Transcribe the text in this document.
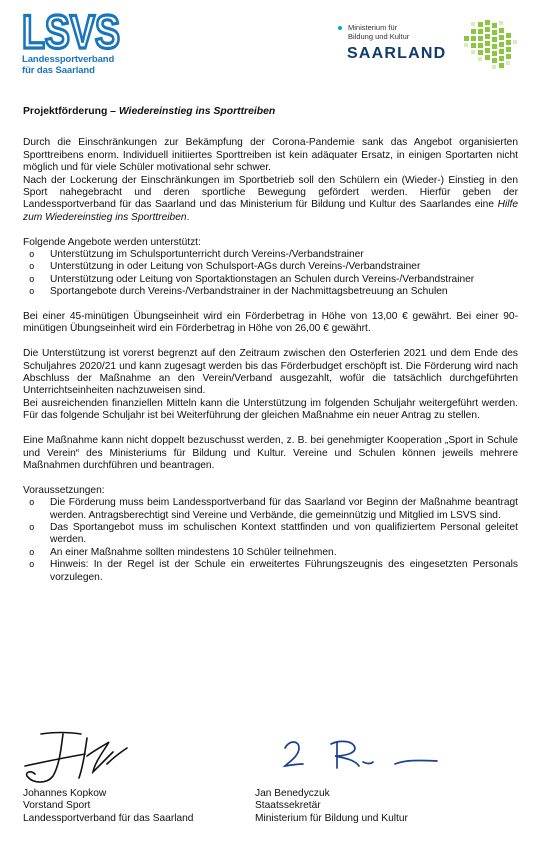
LSVS
Landessportverband
für das Saarland
Ministerium für
Bildung und Kultur
SAARLAND
Projektförderung – Wiedereinstieg ins Sporttreiben

Durch die Einschränkungen zur Bekämpfung der Corona-Pandemie sank das Angebot organisierten Sporttreibens enorm. Individuell initiiertes Sporttreiben ist kein adäquater Ersatz, in einigen Sportarten nicht möglich und für viele Schüler motivational sehr schwer.

Nach der Lockerung der Einschränkungen im Sportbetrieb soll den Schülern ein (Wieder-) Einstieg in den Sport nahegebracht und deren sportliche Bewegung gefördert werden. Hierfür geben der Landessportverband für das Saarland und das Ministerium für Bildung und Kultur des Saarlandes eine Hilfe zum Wiedereinstieg ins Sporttreiben.

Folgende Angebote werden unterstützt:

o Unterstützung im Schulsportunterricht durch Vereins-/Verbandstrainer
o Unterstützung in oder Leitung von Schulsport-AGs durch Vereins-/Verbandstrainer
o Unterstützung oder Leitung von Sportaktionstagen an Schulen durch Vereins-/Verbandstrainer
o Sportangebote durch Vereins-/Verbandstrainer in der Nachmittagsbetreuung an Schulen

Bei einer 45-minütigen Übungseinheit wird ein Förderbetrag in Höhe von 13,00 € gewährt. Bei einer 90-minütigen Übungseinheit wird ein Förderbetrag in Höhe von 26,00 € gewährt.

Die Unterstützung ist vorerst begrenzt auf den Zeitraum zwischen den Osterferien 2021 und dem Ende des Schuljahres 2020/21 und kann zugesagt werden bis das Förderbudget erschöpft ist. Die Förderung wird nach Abschluss der Maßnahme an den Verein/Verband ausgezahlt, wofür die tatsächlich durchgeführten Unterrichtseinheiten nachzuweisen sind.

Bei ausreichenden finanziellen Mitteln kann die Unterstützung im folgenden Schuljahr weitergeführt werden. Für das folgende Schuljahr ist bei Weiterführung der gleichen Maßnahme ein neuer Antrag zu stellen.

Eine Maßnahme kann nicht doppelt bezuschusst werden, z. B. bei genehmigter Kooperation „Sport in Schule und Verein“ des Ministeriums für Bildung und Kultur. Vereine und Schulen können jeweils mehrere Maßnahmen durchführen und beantragen.

Voraussetzungen:

o Die Förderung muss beim Landessportverband für das Saarland vor Beginn der Maßnahme beantragt werden. Antragsberechtigt sind Vereine und Verbände, die gemeinnützig und Mitglied im LSVS sind.
o Das Sportangebot muss im schulischen Kontext stattfinden und von qualifiziertem Personal geleitet werden.
o An einer Maßnahme sollten mindestens 10 Schüler teilnehmen.
o Hinweis: In der Regel ist der Schule ein erweitertes Führungszeugnis des eingesetzten Personals vorzulegen.
Johannes Kopkow
Vorstand Sport
Landessportverband für das Saarland
Jan Benedyczuk
Staatssekretär
Ministerium für Bildung und Kultur
